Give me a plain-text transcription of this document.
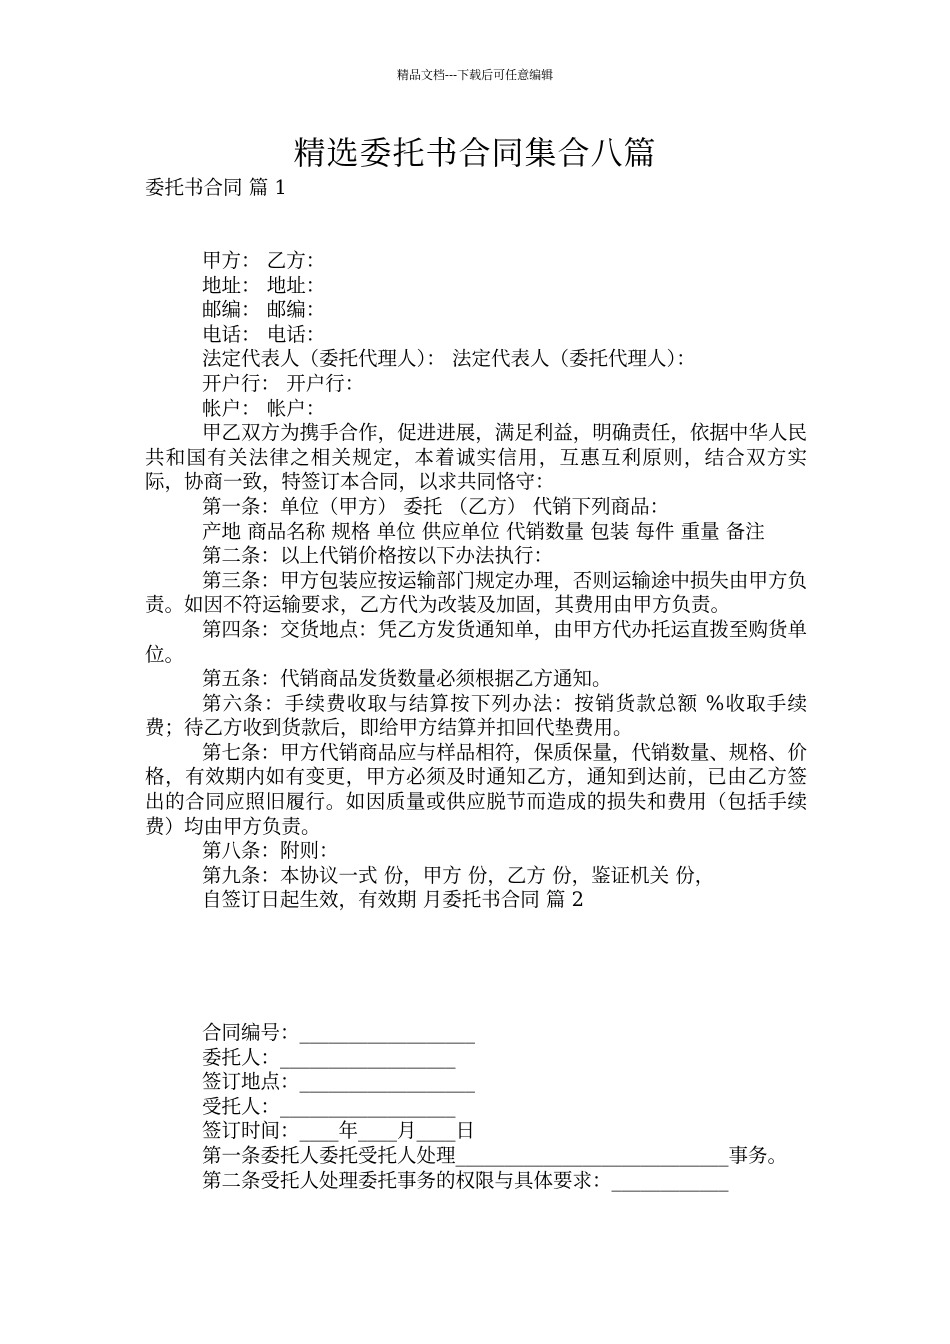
精品文档---下载后可任意编辑
精选委托书合同集合八篇

委托书合同 篇 1

甲方： 乙方：

地址： 地址：

邮编： 邮编：

电话： 电话：

法定代表人（委托代理人）： 法定代表人（委托代理人）：

开户行： 开户行：

帐户： 帐户：

甲乙双方为携手合作，促进进展，满足利益，明确责任，依据中华人民共和国有关法律之相关规定，本着诚实信用，互惠互利原则，结合双方实际，协商一致，特签订本合同，以求共同恪守：

第一条：单位（甲方） 委托 （乙方） 代销下列商品：

产地 商品名称 规格 单位 供应单位 代销数量 包装 每件 重量 备注

第二条：以上代销价格按以下办法执行：

第三条：甲方包装应按运输部门规定办理，否则运输途中损失由甲方负责。如因不符运输要求，乙方代为改装及加固，其费用由甲方负责。

第四条：交货地点：凭乙方发货通知单，由甲方代办托运直拨至购货单位。

第五条：代销商品发货数量必须根据乙方通知。

第六条：手续费收取与结算按下列办法：按销货款总额 %收取手续费；待乙方收到货款后，即给甲方结算并扣回代垫费用。

第七条：甲方代销商品应与样品相符，保质保量，代销数量、规格、价格，有效期内如有变更，甲方必须及时通知乙方，通知到达前，已由乙方签出的合同应照旧履行。如因质量或供应脱节而造成的损失和费用（包括手续费）均由甲方负责。

第八条：附则：

第九条：本协议一式 份，甲方 份，乙方 份，鉴证机关 份，

自签订日起生效，有效期 月委托书合同 篇 2

合同编号：__________________

委托人：__________________

签订地点：__________________

受托人：__________________

签订时间：____年____月____日

第一条委托人委托受托人处理____________________________事务。

第二条受托人处理委托事务的权限与具体要求：____________
